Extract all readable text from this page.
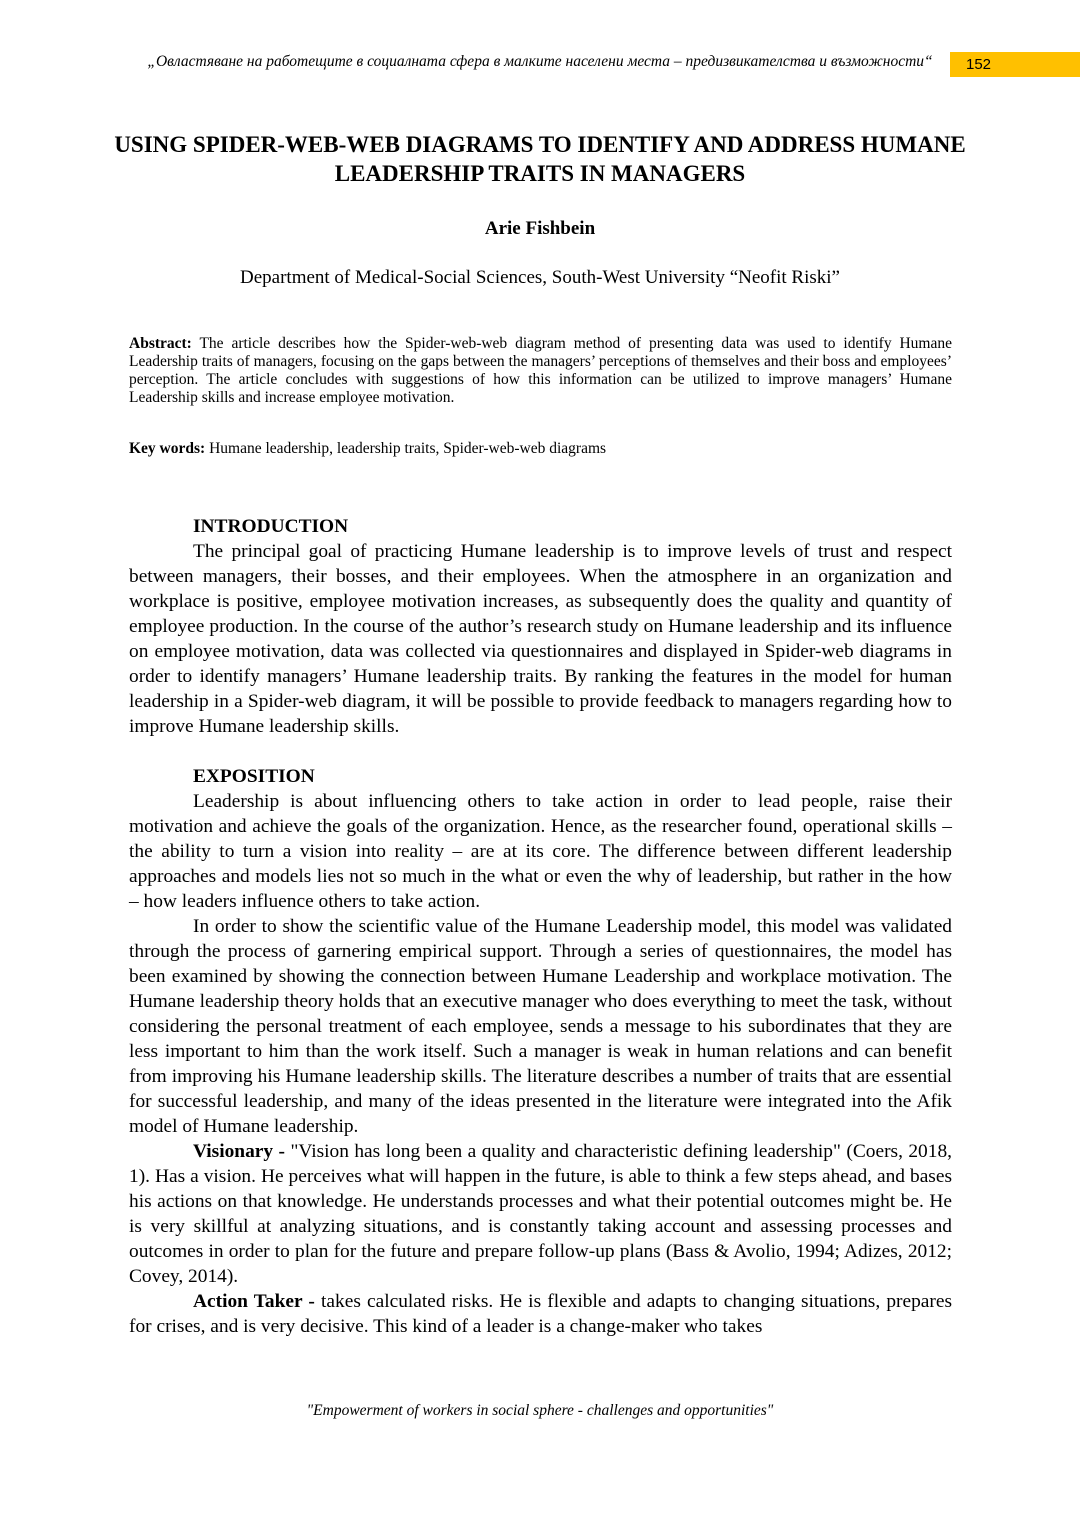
„Овластяване на работещите в социалната сфера в малките населени места – предизвикателства и възможности“	152
USING SPIDER-WEB-WEB DIAGRAMS TO IDENTIFY AND ADDRESS HUMANE LEADERSHIP TRAITS IN MANAGERS
Arie Fishbein
Department of Medical-Social Sciences, South-West University “Neofit Riski”
Abstract: The article describes how the Spider-web-web diagram method of presenting data was used to identify Humane Leadership traits of managers, focusing on the gaps between the managers’ perceptions of themselves and their boss and employees’ perception. The article concludes with suggestions of how this information can be utilized to improve managers’ Humane Leadership skills and increase employee motivation.
Key words: Humane leadership, leadership traits, Spider-web-web diagrams
INTRODUCTION

The principal goal of practicing Humane leadership is to improve levels of trust and respect between managers, their bosses, and their employees. When the atmosphere in an organization and workplace is positive, employee motivation increases, as subsequently does the quality and quantity of employee production. In the course of the author’s research study on Humane leadership and its influence on employee motivation, data was collected via questionnaires and displayed in Spider-web diagrams in order to identify managers’ Humane leadership traits. By ranking the features in the model for human leadership in a Spider-web diagram, it will be possible to provide feedback to managers regarding how to improve Humane leadership skills.

EXPOSITION

Leadership is about influencing others to take action in order to lead people, raise their motivation and achieve the goals of the organization. Hence, as the researcher found, operational skills – the ability to turn a vision into reality – are at its core. The difference between different leadership approaches and models lies not so much in the what or even the why of leadership, but rather in the how – how leaders influence others to take action.

In order to show the scientific value of the Humane Leadership model, this model was validated through the process of garnering empirical support. Through a series of questionnaires, the model has been examined by showing the connection between Humane Leadership and workplace motivation. The Humane leadership theory holds that an executive manager who does everything to meet the task, without considering the personal treatment of each employee, sends a message to his subordinates that they are less important to him than the work itself. Such a manager is weak in human relations and can benefit from improving his Humane leadership skills. The literature describes a number of traits that are essential for successful leadership, and many of the ideas presented in the literature were integrated into the Afik model of Humane leadership.

Visionary - "Vision has long been a quality and characteristic defining leadership" (Coers, 2018, 1). Has a vision. He perceives what will happen in the future, is able to think a few steps ahead, and bases his actions on that knowledge. He understands processes and what their potential outcomes might be. He is very skillful at analyzing situations, and is constantly taking account and assessing processes and outcomes in order to plan for the future and prepare follow-up plans (Bass & Avolio, 1994; Adizes, 2012; Covey, 2014).

Action Taker - takes calculated risks. He is flexible and adapts to changing situations, prepares for crises, and is very decisive. This kind of a leader is a change-maker who takes

"Empowerment of workers in social sphere - challenges and opportunities"
